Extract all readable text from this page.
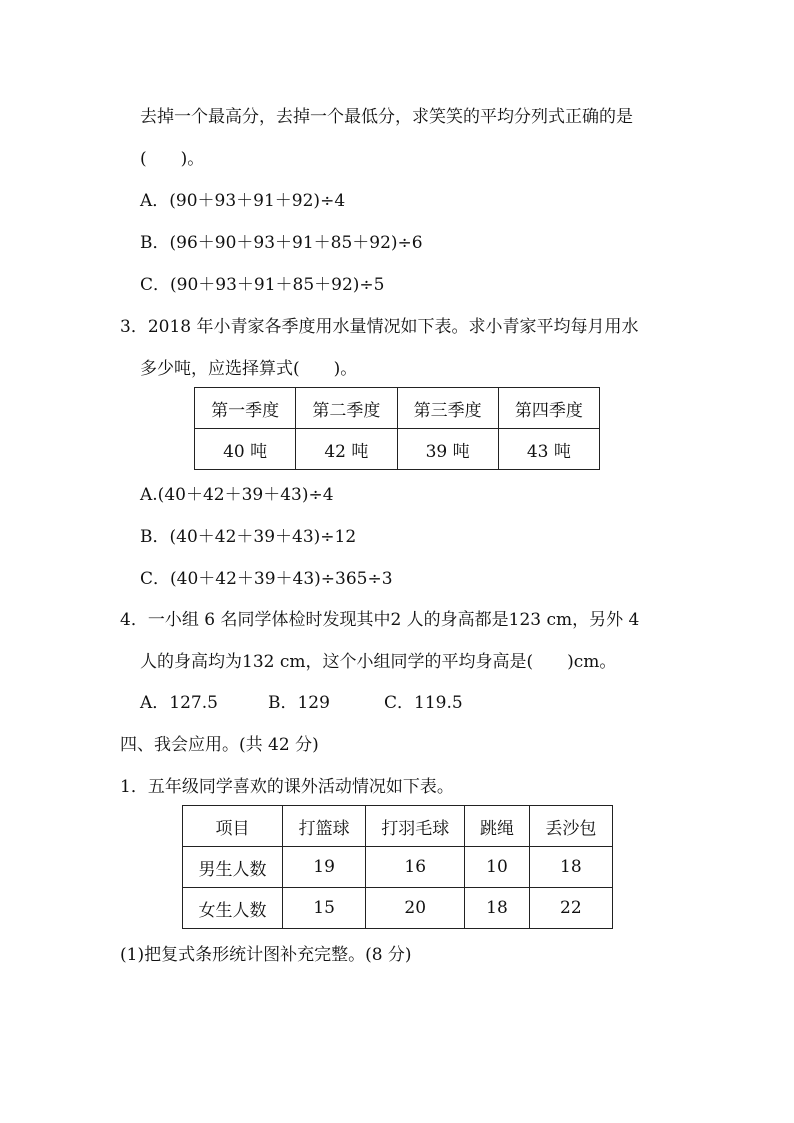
去掉一个最高分，去掉一个最低分，求笑笑的平均分列式正确的是
(　　)。
A．(90＋93＋91＋92)÷4
B．(96＋90＋93＋91＋85＋92)÷6
C．(90＋93＋91＋85＋92)÷5
3．2018 年小青家各季度用水量情况如下表。求小青家平均每月用水
多少吨，应选择算式(　　)。
第一季度	第二季度	第三季度	第四季度
40 吨	42 吨	39 吨	43 吨
A.(40＋42＋39＋43)÷4
B．(40＋42＋39＋43)÷12
C．(40＋42＋39＋43)÷365÷3
4．一小组 6 名同学体检时发现其中2 人的身高都是123 cm，另外 4
人的身高均为132 cm，这个小组同学的平均身高是(　　)cm。
A．127.5	B．129	C．119.5
四、我会应用。(共 42 分)
1．五年级同学喜欢的课外活动情况如下表。
项目	打篮球	打羽毛球	跳绳	丢沙包
男生人数	19	16	10	18
女生人数	15	20	18	22
(1)把复式条形统计图补充完整。(8 分)
